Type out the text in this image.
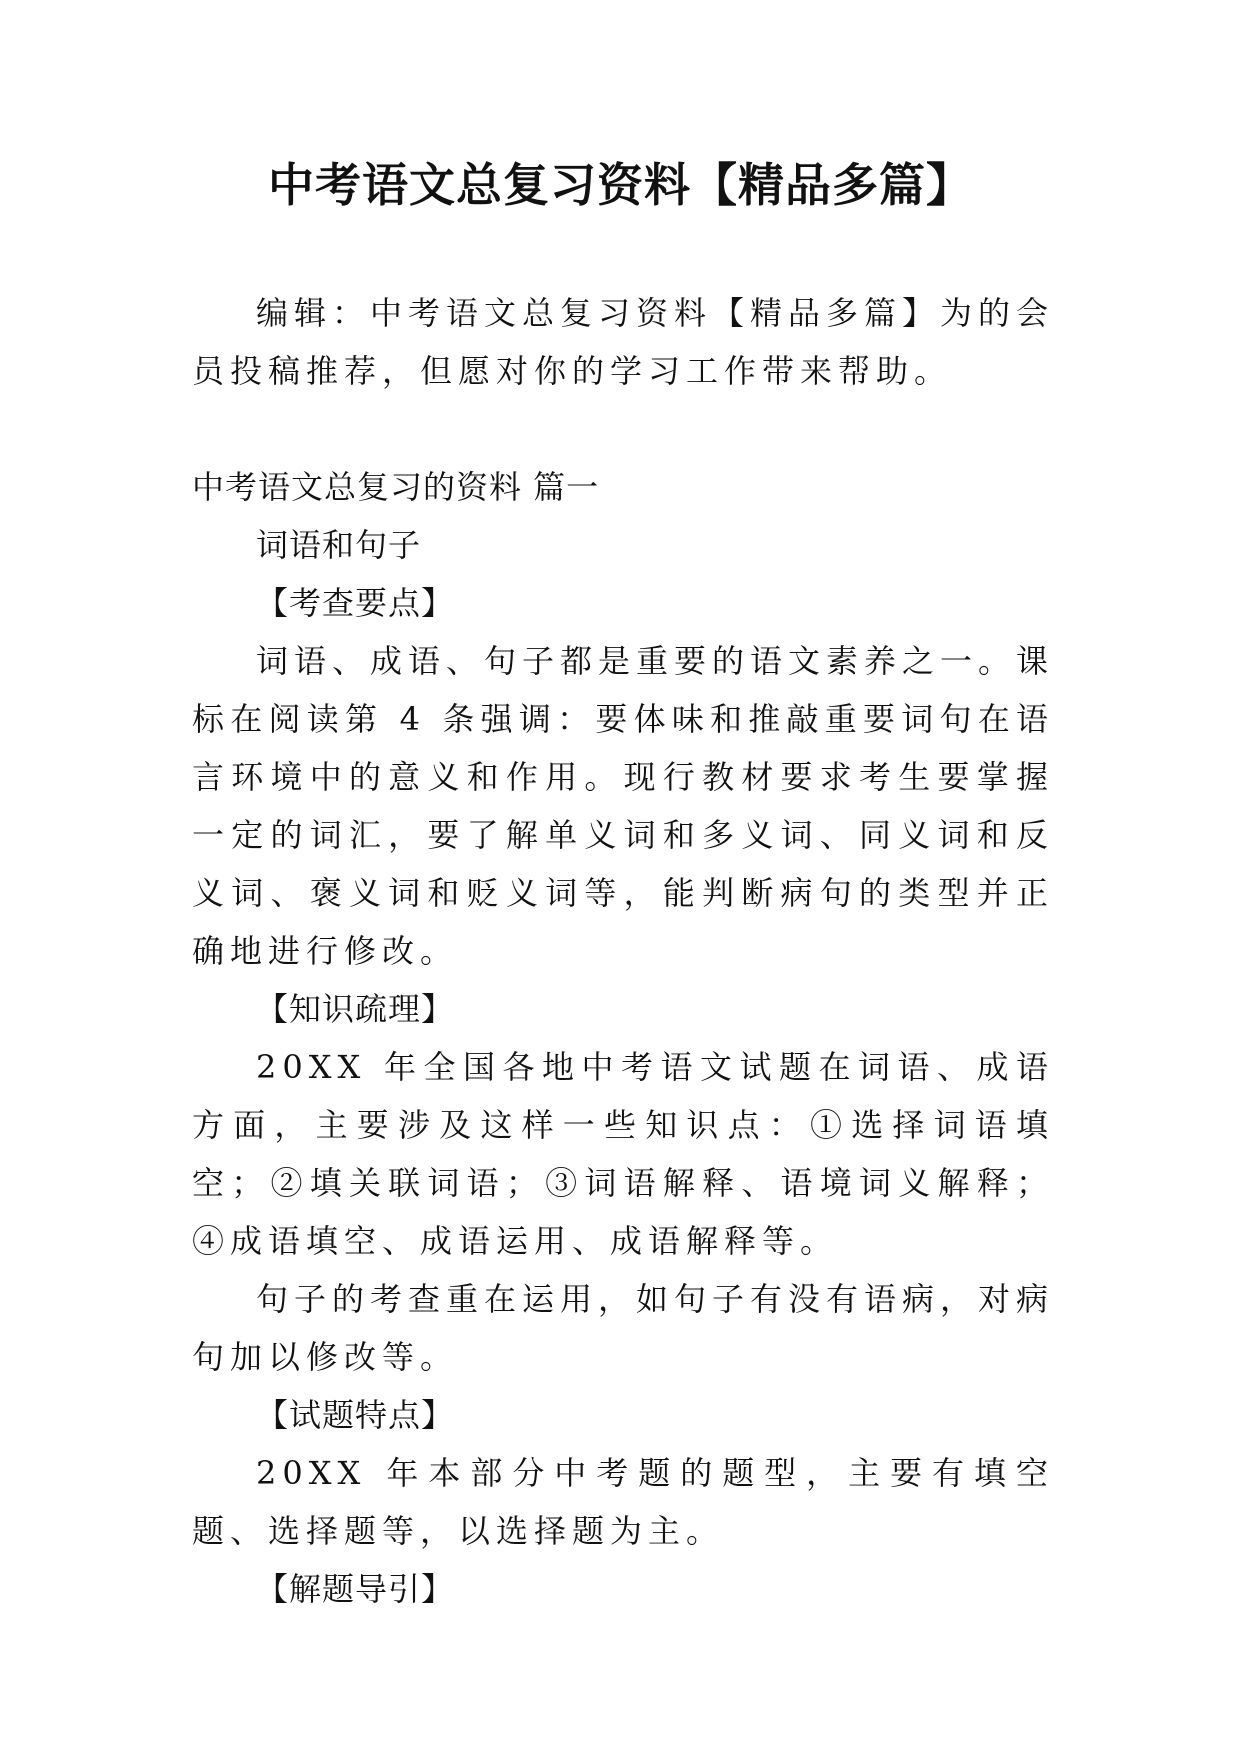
中考语文总复习资料【精品多篇】

编辑：中考语文总复习资料【精品多篇】为的会员投稿推荐，但愿对你的学习工作带来帮助。

中考语文总复习的资料 篇一

词语和句子

【考查要点】

词语、成语、句子都是重要的语文素养之一。课标在阅读第 4 条强调：要体味和推敲重要词句在语言环境中的意义和作用。现行教材要求考生要掌握一定的词汇，要了解单义词和多义词、同义词和反义词、褒义词和贬义词等，能判断病句的类型并正确地进行修改。

【知识疏理】

20XX 年全国各地中考语文试题在词语、成语方面，主要涉及这样一些知识点：①选择词语填空；②填关联词语；③词语解释、语境词义解释；④成语填空、成语运用、成语解释等。

句子的考查重在运用，如句子有没有语病，对病句加以修改等。

【试题特点】

20XX 年本部分中考题的题型，主要有填空题、选择题等，以选择题为主。

【解题导引】
